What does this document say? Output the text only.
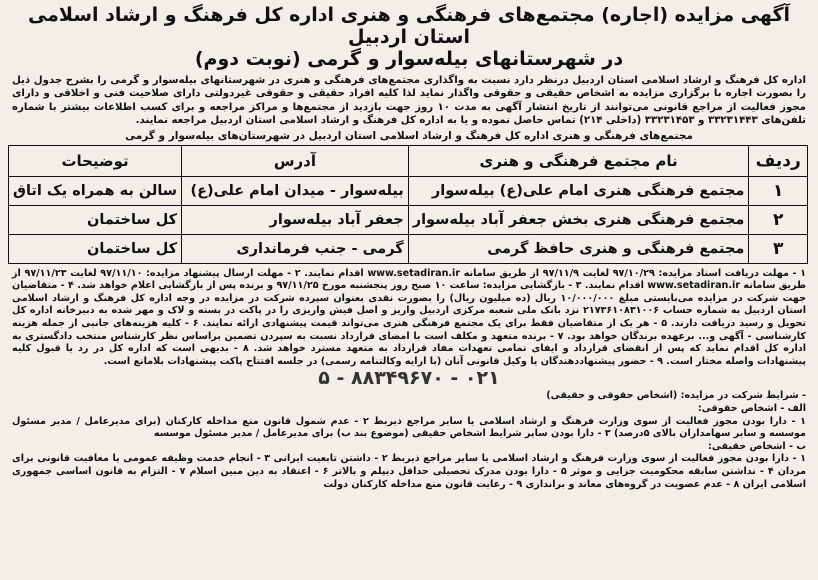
آگهی مزایده (اجاره) مجتمع‌های فرهنگی و هنری اداره کل فرهنگ و ارشاد اسلامی استان اردبیل
در شهرستانهای بیله‌سوار و گرمی (نوبت دوم)

اداره کل فرهنگ و ارشاد اسلامی استان اردبیل درنظر دارد نسبت به واگذاری مجتمع‌های فرهنگی و هنری در شهرستانهای بیله‌سوار و گرمی را بشرح جدول ذیل را بصورت اجاره با برگزاری مزایده به اشخاص حقیقی و حقوقی واگذار نماید لذا کلیه افراد حقیقی و حقوقی غیردولتی دارای صلاحیت فنی و اخلاقی و دارای مجوز فعالیت از مراجع قانونی می‌توانند از تاریخ انتشار آگهی به مدت ۱۰ روز جهت بازدید از مجتمع‌ها و مراکز مراجعه و برای کسب اطلاعات بیشتر با شماره تلفن‌های ۳۳۲۳۱۴۴۳ و ۳۳۲۳۱۴۵۳ (داخلی ۲۱۴) تماس حاصل نموده و یا به اداره کل فرهنگ و ارشاد اسلامی استان اردبیل مراجعه نمایند.

مجتمع‌های فرهنگی و هنری اداره کل فرهنگ و ارشاد اسلامی استان اردبیل در شهرستان‌های بیله‌سوار و گرمی
ردیف	نام مجتمع فرهنگی و هنری	آدرس	توضیحات
۱	مجتمع فرهنگی هنری امام علی(ع) بیله‌سوار	بیله‌سوار - میدان امام علی(ع)	سالن به همراه یک اتاق
۲	مجتمع فرهنگی هنری بخش جعفر آباد بیله‌سوار	جعفر آباد بیله‌سوار	کل ساختمان
۳	مجتمع فرهنگی و هنری حافظ گرمی	گرمی - جنب فرمانداری	کل ساختمان

۱ - مهلت دریافت اسناد مزایده: ۹۷/۱۰/۲۹ لغایت ۹۷/۱۱/۹ از طریق سامانه www.setadiran.ir اقدام نمایند. ۲ - مهلت ارسال پیشنهاد مزایده: ۹۷/۱۱/۱۰ لغایت ۹۷/۱۱/۲۳ از طریق سامانه www.setadiran.ir اقدام نمایند. ۳ - بازگشایی مزایده: ساعت ۱۰ صبح روز پنجشنبه مورخ ۹۷/۱۱/۲۵ و برنده پس از بازگشایی اعلام خواهد شد. ۴ - متقاضیان جهت شرکت در مزایده می‌بایستی مبلغ ۱۰/۰۰۰/۰۰۰ ریال (ده میلیون ریال) را بصورت نقدی بعنوان سپرده شرکت در مزایده در وجه اداره کل فرهنگ و ارشاد اسلامی استان اردبیل به شماره حساب ۲۱۷۳۶۱۰۸۳۱۰۰۶ نزد بانک ملی شعبه مرکزی اردبیل واریز و اصل فیش واریزی را در پاکت در بسته و لاک و مهر شده به دبیرخانه اداره کل تحویل و رسید دریافت دارند. ۵ - هر یک از متقاضیان فقط برای یک مجتمع فرهنگی هنری می‌تواند قیمت پیشنهادی ارائه نمایند. ۶ - کلیه هزینه‌های جانبی از جمله هزینه کارشناسی - آگهی و... برعهده برندگان خواهد بود. ۷ - برنده متعهد و مکلف است با امضای قرارداد نسبت به سپردن تضمین براساس نظر کارشناس منتخب دادگستری به اداره کل اقدام نماید که پس از انقضای قرارداد و ایفای تمامی تعهدات مفاد قرارداد به متعهد مسترد خواهد شد. ۸ - بدیهی است که اداره کل در رد یا قبول کلیه پیشنهادات واصله مختار است. ۹ - حضور پیشنهاددهندگان یا وکیل قانونی آنان (با ارایه وکالتنامه رسمی) در جلسه افتتاح پاکت پیشنهادات بلامانع است.

۰۲۱ - ۸۸۳۴۹۶۷۰ - ۵

- شرایط شرکت در مزایده: (اشخاص حقوقی و حقیقی)

الف - اشخاص حقوقی:

۱ - دارا بودن مجوز فعالیت از سوی وزارت فرهنگ و ارشاد اسلامی یا سایر مراجع ذیربط ۲ - عدم شمول قانون منع مداخله کارکنان (برای مدیرعامل / مدیر مسئول موسسه و سایر سهامداران بالای ۵درصد) ۳ - دارا بودن سایر شرایط اشخاص حقیقی (موضوع بند ب) برای مدیرعامل / مدیر مسئول موسسه

ب - اشخاص حقیقی:

۱ - دارا بودن مجوز فعالیت از سوی وزارت فرهنگ و ارشاد اسلامی یا سایر مراجع ذیربط ۲ - داشتن تابعیت ایرانی ۳ - انجام خدمت وظیفه عمومی یا معافیت قانونی برای مردان ۴ - نداشتن سابقه محکومیت جزایی و موثر ۵ - دارا بودن مدرک تحصیلی حداقل دیپلم و بالاتر ۶ - اعتقاد به دین مبین اسلام ۷ - التزام به قانون اساسی جمهوری اسلامی ایران ۸ - عدم عضویت در گروه‌های معاند و براندازی ۹ - رعایت قانون منع مداخله کارکنان دولت
